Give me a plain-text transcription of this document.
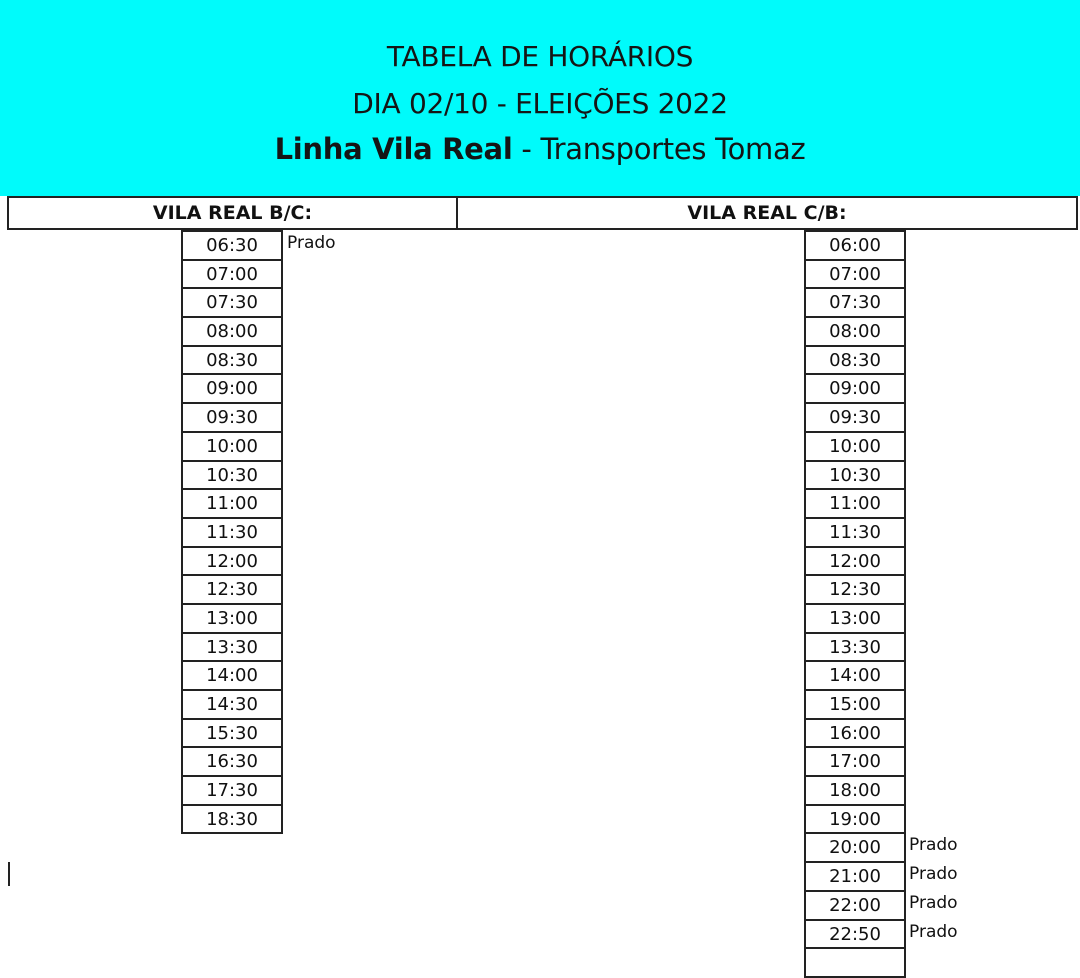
TABELA DE HORÁRIOS
DIA 02/10 - ELEIÇÕES 2022
Linha Vila Real - Transportes Tomaz
VILA REAL B/C:	VILA REAL C/B:
06:30
07:00
07:30
08:00
08:30
09:00
09:30
10:00
10:30
11:00
11:30
12:00
12:30
13:00
13:30
14:00
14:30
15:30
16:30
17:30
18:30
Prado	06:00
07:00
07:30
08:00
08:30
09:00
09:30
10:00
10:30
11:00
11:30
12:00
12:30
13:00
13:30
14:00
15:00
16:00
17:00
18:00
19:00
20:00
21:00
22:00
22:50
Prado
Prado
Prado
Prado
